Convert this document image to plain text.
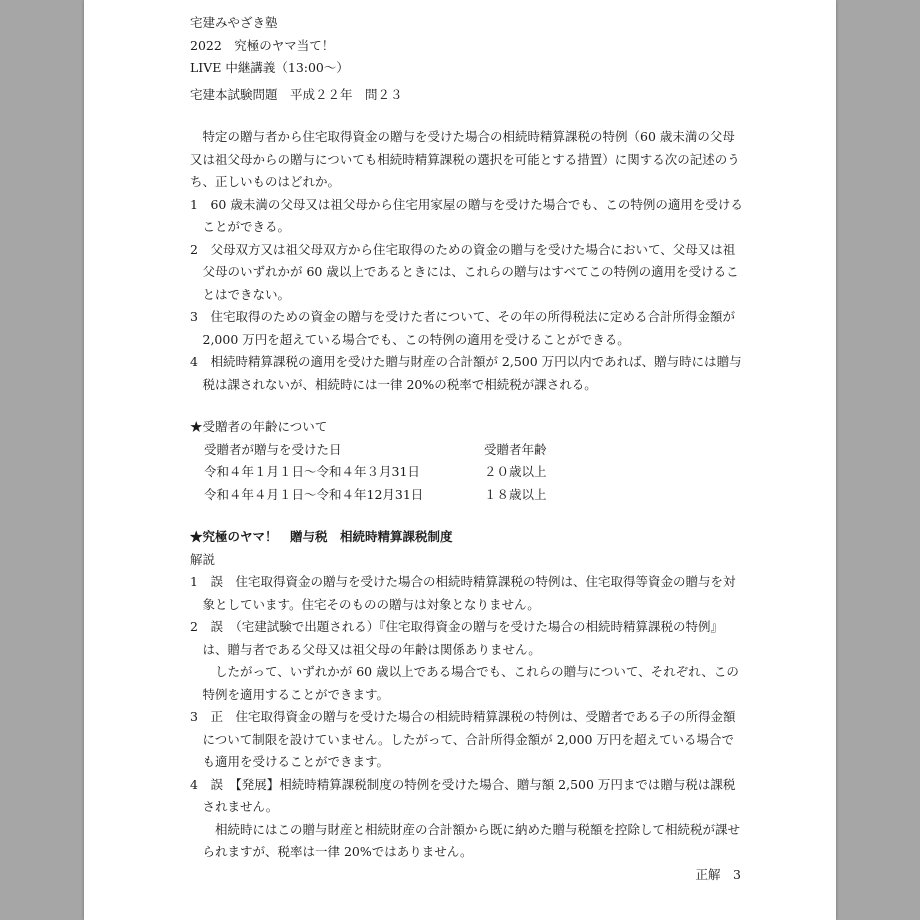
宅建みやざき塾
2022　究極のヤマ当て！
LIVE 中継講義（13:00〜）
宅建本試験問題　平成２２年　問２３

特定の贈与者から住宅取得資金の贈与を受けた場合の相続時精算課税の特例（60 歳未満の父母又は祖父母からの贈与についても相続時精算課税の選択を可能とする措置）に関する次の記述のうち、正しいものはどれか。

1　60 歳未満の父母又は祖父母から住宅用家屋の贈与を受けた場合でも、この特例の適用を受けることができる。

2　父母双方又は祖父母双方から住宅取得のための資金の贈与を受けた場合において、父母又は祖父母のいずれかが 60 歳以上であるときには、これらの贈与はすべてこの特例の適用を受けることはできない。

3　住宅取得のための資金の贈与を受けた者について、その年の所得税法に定める合計所得金額が 2,000 万円を超えている場合でも、この特例の適用を受けることができる。

4　相続時精算課税の適用を受けた贈与財産の合計額が 2,500 万円以内であれば、贈与時には贈与税は課されないが、相続時には一律 20%の税率で相続税が課される。

★受贈者の年齢について
受贈者が贈与を受けた日	受贈者年齢
令和４年１月１日〜令和４年３月31日	２０歳以上
令和４年４月１日〜令和４年12月31日	１８歳以上
★究極のヤマ！　贈与税　相続時精算課税制度
解説

1　誤　住宅取得資金の贈与を受けた場合の相続時精算課税の特例は、住宅取得等資金の贈与を対象としています。住宅そのものの贈与は対象となりません。

2　誤　（宅建試験で出題される）『住宅取得資金の贈与を受けた場合の相続時精算課税の特例』は、贈与者である父母又は祖父母の年齢は関係ありません。

したがって、いずれかが 60 歳以上である場合でも、これらの贈与について、それぞれ、この特例を適用することができます。

3　正　住宅取得資金の贈与を受けた場合の相続時精算課税の特例は、受贈者である子の所得金額について制限を設けていません。したがって、合計所得金額が 2,000 万円を超えている場合でも適用を受けることができます。

4　誤　【発展】相続時精算課税制度の特例を受けた場合、贈与額 2,500 万円までは贈与税は課税されません。

相続時にはこの贈与財産と相続財産の合計額から既に納めた贈与税額を控除して相続税が課せられますが、税率は一律 20%ではありません。

正解　3
